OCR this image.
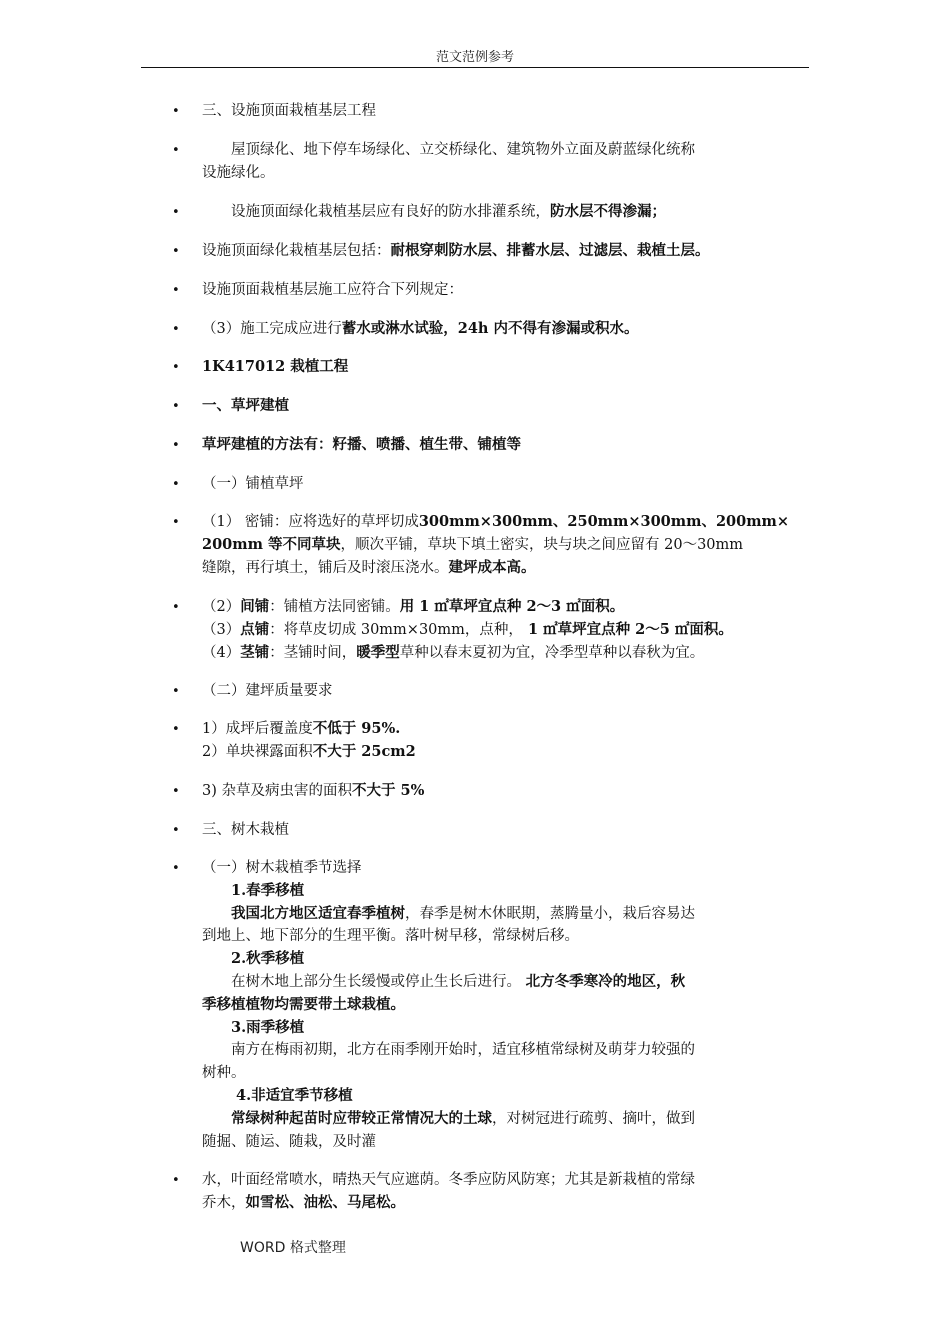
范文范例参考
• 三、设施顶面栽植基层工程
• 　　屋顶绿化、地下停车场绿化、立交桥绿化、建筑物外立面及蔚蓝绿化统称
设施绿化。
• 　　设施顶面绿化栽植基层应有良好的防水排灌系统，防水层不得渗漏；
• 设施顶面绿化栽植基层包括：耐根穿刺防水层、排蓄水层、过滤层、栽植土层。
• 设施顶面栽植基层施工应符合下列规定：
• （3）施工完成应进行蓄水或淋水试验，24h 内不得有渗漏或积水。
• 1K417012 栽植工程
• 一、草坪建植
• 草坪建植的方法有：籽播、喷播、植生带、铺植等
• （一）铺植草坪
• （1） 密铺：应将选好的草坪切成300mm×300mm、250mm×300mm、200mm×
200mm 等不同草块，顺次平铺，草块下填土密实，块与块之间应留有 20～30mm
缝隙，再行填土，铺后及时滚压浇水。建坪成本高。
• （2）间铺：铺植方法同密铺。用 1 ㎡草坪宜点种 2～3 ㎡面积。
（3）点铺：将草皮切成 30mm×30mm，点种， 1 ㎡草坪宜点种 2～5 ㎡面积。
（4）茎铺：茎铺时间，暖季型草种以春末夏初为宜，冷季型草种以春秋为宜。
• （二）建坪质量要求
• 1）成坪后覆盖度不低于 95%.
2）单块裸露面积不大于 25cm2
• 3) 杂草及病虫害的面积不大于 5%
• 三、树木栽植
• （一）树木栽植季节选择
　　1.春季移植
　　我国北方地区适宜春季植树，春季是树木休眠期，蒸腾量小，栽后容易达
到地上、地下部分的生理平衡。落叶树早移，常绿树后移。
　　2.秋季移植
　　在树木地上部分生长缓慢或停止生长后进行。 北方冬季寒冷的地区，秋
季移植植物均需要带土球栽植。
　　3.雨季移植
　　南方在梅雨初期，北方在雨季刚开始时，适宜移植常绿树及萌芽力较强的
树种。
　　 4.非适宜季节移植
　　常绿树种起苗时应带较正常情况大的土球，对树冠进行疏剪、摘叶，做到
随掘、随运、随栽，及时灌
• 水，叶面经常喷水，晴热天气应遮荫。冬季应防风防寒；尤其是新栽植的常绿
乔木，如雪松、油松、马尾松。
WORD 格式整理
